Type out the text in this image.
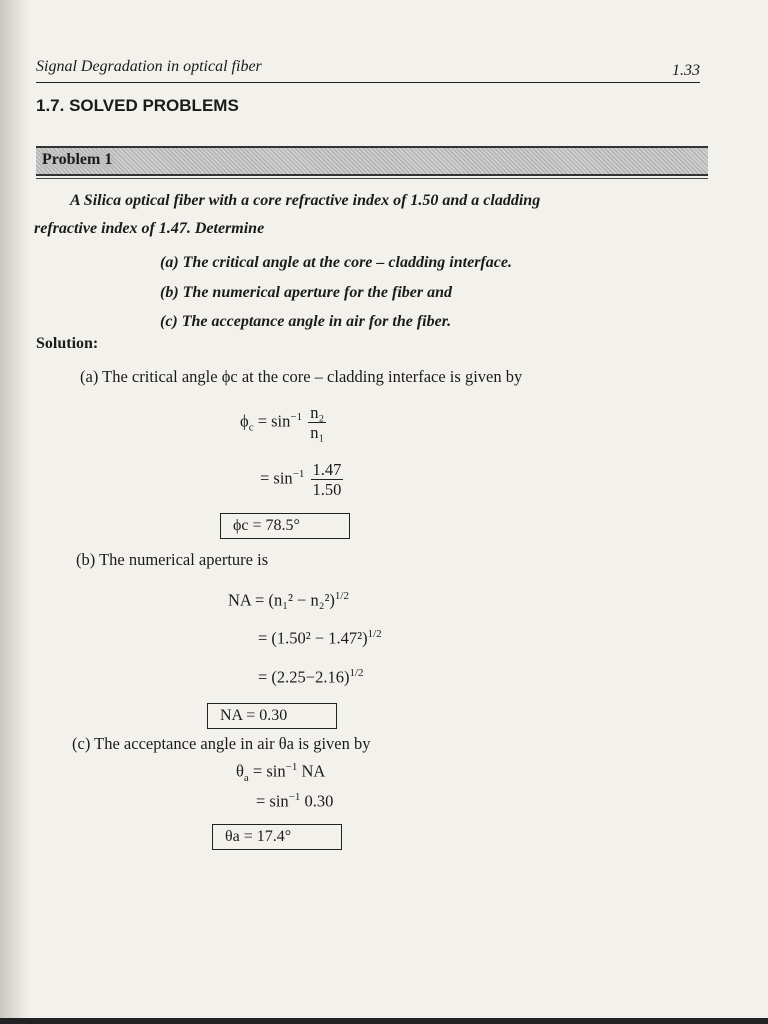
Signal Degradation in optical fiber	1.33
1.7. SOLVED PROBLEMS
Problem 1
A Silica optical fiber with a core refractive index of 1.50 and a cladding
refractive index of 1.47. Determine
(a) The critical angle at the core – cladding interface.
(b) The numerical aperture for the fiber and
(c) The acceptance angle in air for the fiber.
Solution:
(a) The critical angle ϕc at the core – cladding interface is given by
$\phi_c = \sin^{-1} \frac{\text{n₂}}{\text{n₁}}$
= $\sin^{-1} \frac{1.47}{1.50}$
ϕc = 78.5°
(b) The numerical aperture is
NA = $(n_1^2 - n_2^2)^{1/2}$
= $(1.50^2 - 1.47^2)^{1/2}$
= $(2.25-2.16)^{1/2}$
NA = 0.30
(c) The acceptance angle in air θa is given by
$\theta_a = \sin^{-1}$ NA
= $\sin^{-1} 0.30$
θa = 17.4°
